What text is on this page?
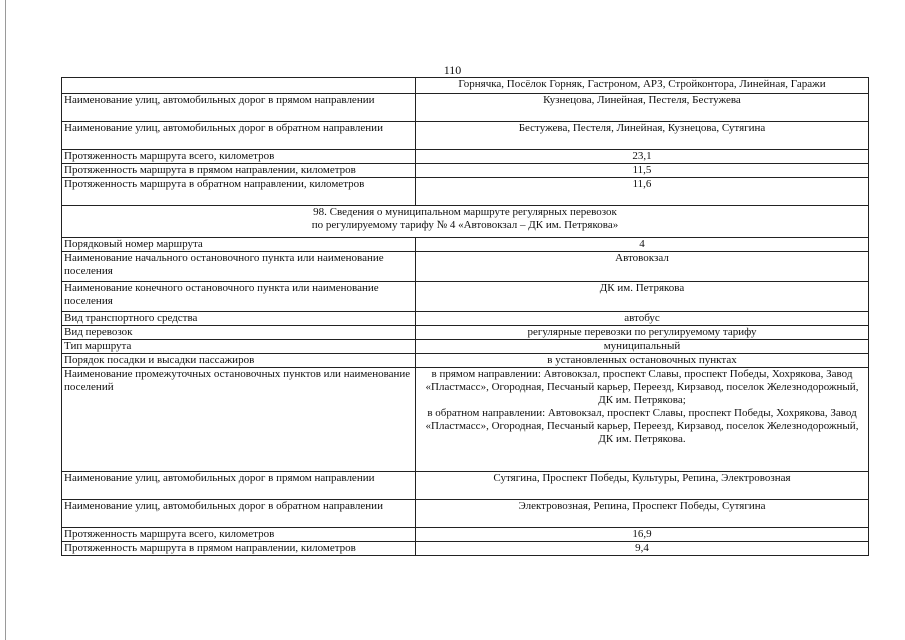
110
	Горнячка, Посёлок Горняк, Гастроном, АРЗ, Стройконтора, Линейная, Гаражи
Наименование улиц, автомобильных дорог в прямом направлении	Кузнецова, Линейная, Пестеля, Бестужева
Наименование улиц, автомобильных дорог в обратном направлении	Бестужева, Пестеля, Линейная, Кузнецова, Сутягина
Протяженность маршрута всего, километров	23,1
Протяженность маршрута в прямом направлении, километров	11,5
Протяженность маршрута в обратном направлении, километров	11,6

98. Сведения о муниципальном маршруте регулярных перевозок
по регулируемому тарифу № 4 «Автовокзал – ДК им. Петрякова»	

Порядковый номер маршрута	4
Наименование начального остановочного пункта или наименование поселения	Автовокзал
Наименование конечного остановочного пункта или наименование поселения	ДК им. Петрякова
Вид транспортного средства	автобус
Вид перевозок	регулярные перевозки по регулируемому тарифу
Тип маршрута	муниципальный
Порядок посадки и высадки пассажиров	в установленных остановочных пунктах
Наименование промежуточных остановочных пунктов или наименование поселений	в прямом направлении: Автовокзал, проспект Славы, проспект Победы, Хохрякова, Завод «Пластмасс», Огородная, Песчаный карьер, Переезд, Кирзавод, поселок Железнодорожный, ДК им. Петрякова;
в обратном направлении: Автовокзал, проспект Славы, проспект Победы, Хохрякова, Завод «Пластмасс», Огородная, Песчаный карьер, Переезд, Кирзавод, поселок Железнодорожный, ДК им. Петрякова.

Наименование улиц, автомобильных дорог в прямом направлении	Сутягина, Проспект Победы, Культуры, Репина, Электровозная
Наименование улиц, автомобильных дорог в обратном направлении	Электровозная, Репина, Проспект Победы, Сутягина
Протяженность маршрута всего, километров	16,9
Протяженность маршрута в прямом направлении, километров	9,4
